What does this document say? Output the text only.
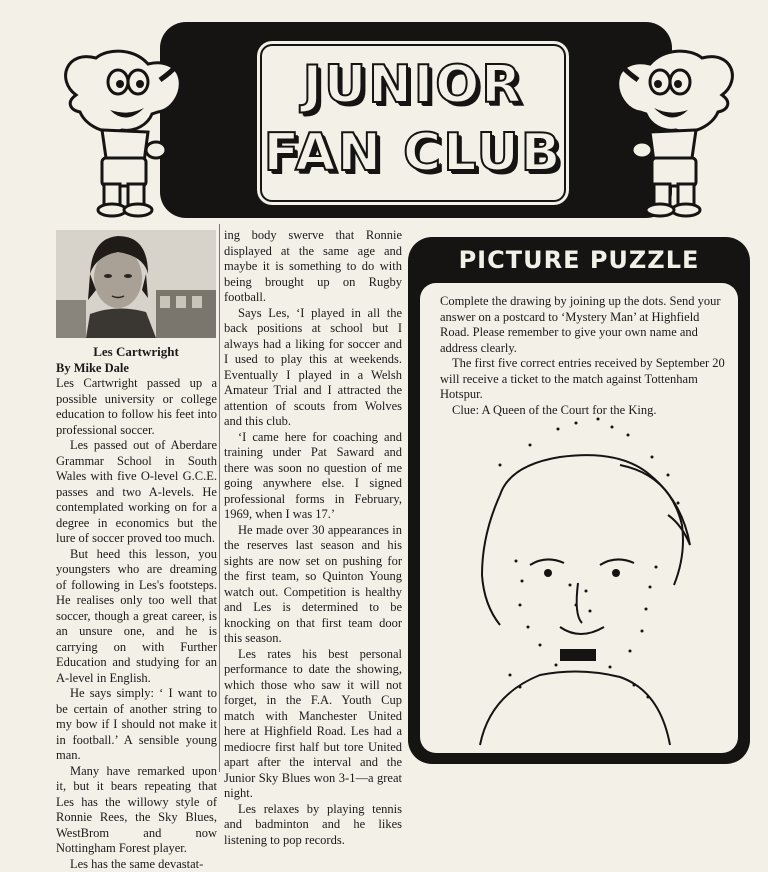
JUNIOR
FAN CLUB
Les Cartwright
By Mike Dale

Les Cartwright passed up a possible university or college education to follow his feet into professional soccer.

Les passed out of Aberdare Grammar School in South Wales with five O-level G.C.E. passes and two A-levels. He contemplated working on for a degree in economics but the lure of soccer proved too much.

But heed this lesson, you youngsters who are dreaming of following in Les's footsteps. He realises only too well that soccer, though a great career, is an unsure one, and he is carrying on with Further Education and studying for an A-level in English.

He says simply: ‘ I want to be certain of another string to my bow if I should not make it in football.’ A sensible young man.

Many have remarked upon it, but it bears repeating that Les has the willowy style of Ronnie Rees, the Sky Blues, WestBrom and now Nottingham Forest player.

Les has the same devastat-

ing body swerve that Ronnie displayed at the same age and maybe it is something to do with being brought up on Rugby football.

Says Les, ‘I played in all the back positions at school but I always had a liking for soccer and I used to play this at weekends. Eventually I played in a Welsh Amateur Trial and I attracted the attention of scouts from Wolves and this club.

‘I came here for coaching and training under Pat Saward and there was soon no question of me going anywhere else. I signed professional forms in February, 1969, when I was 17.’

He made over 30 appearances in the reserves last season and his sights are now set on pushing for the first team, so Quinton Young watch out. Competition is healthy and Les is determined to be knocking on that first team door this season.

Les rates his best personal performance to date the showing, which those who saw it will not forget, in the F.A. Youth Cup match with Manchester United here at Highfield Road. Les had a mediocre first half but tore United apart after the interval and the Junior Sky Blues won 3-1—a great night.

Les relaxes by playing tennis and badminton and he likes listening to pop records.

PICTURE PUZZLE

Complete the drawing by joining up the dots. Send your answer on a postcard to ‘Mystery Man’ at Highfield Road. Please remember to give your own name and address clearly.

The first five correct entries received by September 20 will receive a ticket to the match against Tottenham Hotspur.

Clue: A Queen of the Court for the King.
